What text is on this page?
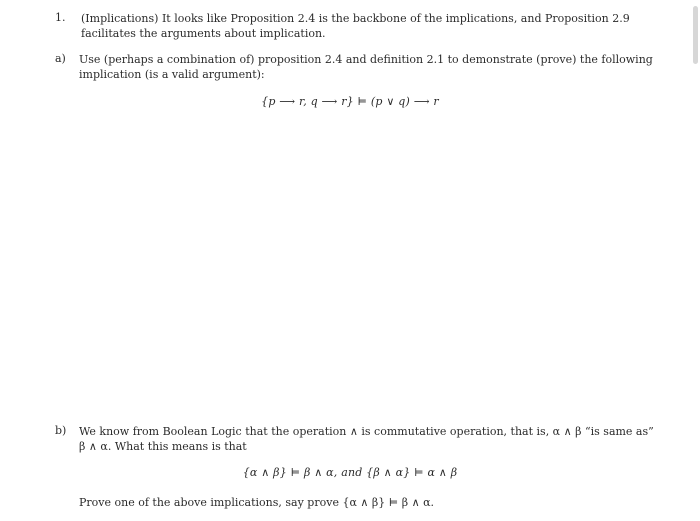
1. (Implications) It looks like Proposition 2.4 is the backbone of the implications, and Proposition 2.9
facilitates the arguments about implication.
a) Use (perhaps a combination of) proposition 2.4 and definition 2.1 to demonstrate (prove) the following
implication (is a valid argument):
{p ⟶ r, q ⟶ r} ⊨ (p ∨ q) ⟶ r
b) We know from Boolean Logic that the operation ∧ is commutative operation, that is, α ∧ β “is same as”
β ∧ α. What this means is that
{α ∧ β} ⊨ β ∧ α, and {β ∧ α} ⊨ α ∧ β
Prove one of the above implications, say prove {α ∧ β} ⊨ β ∧ α.
